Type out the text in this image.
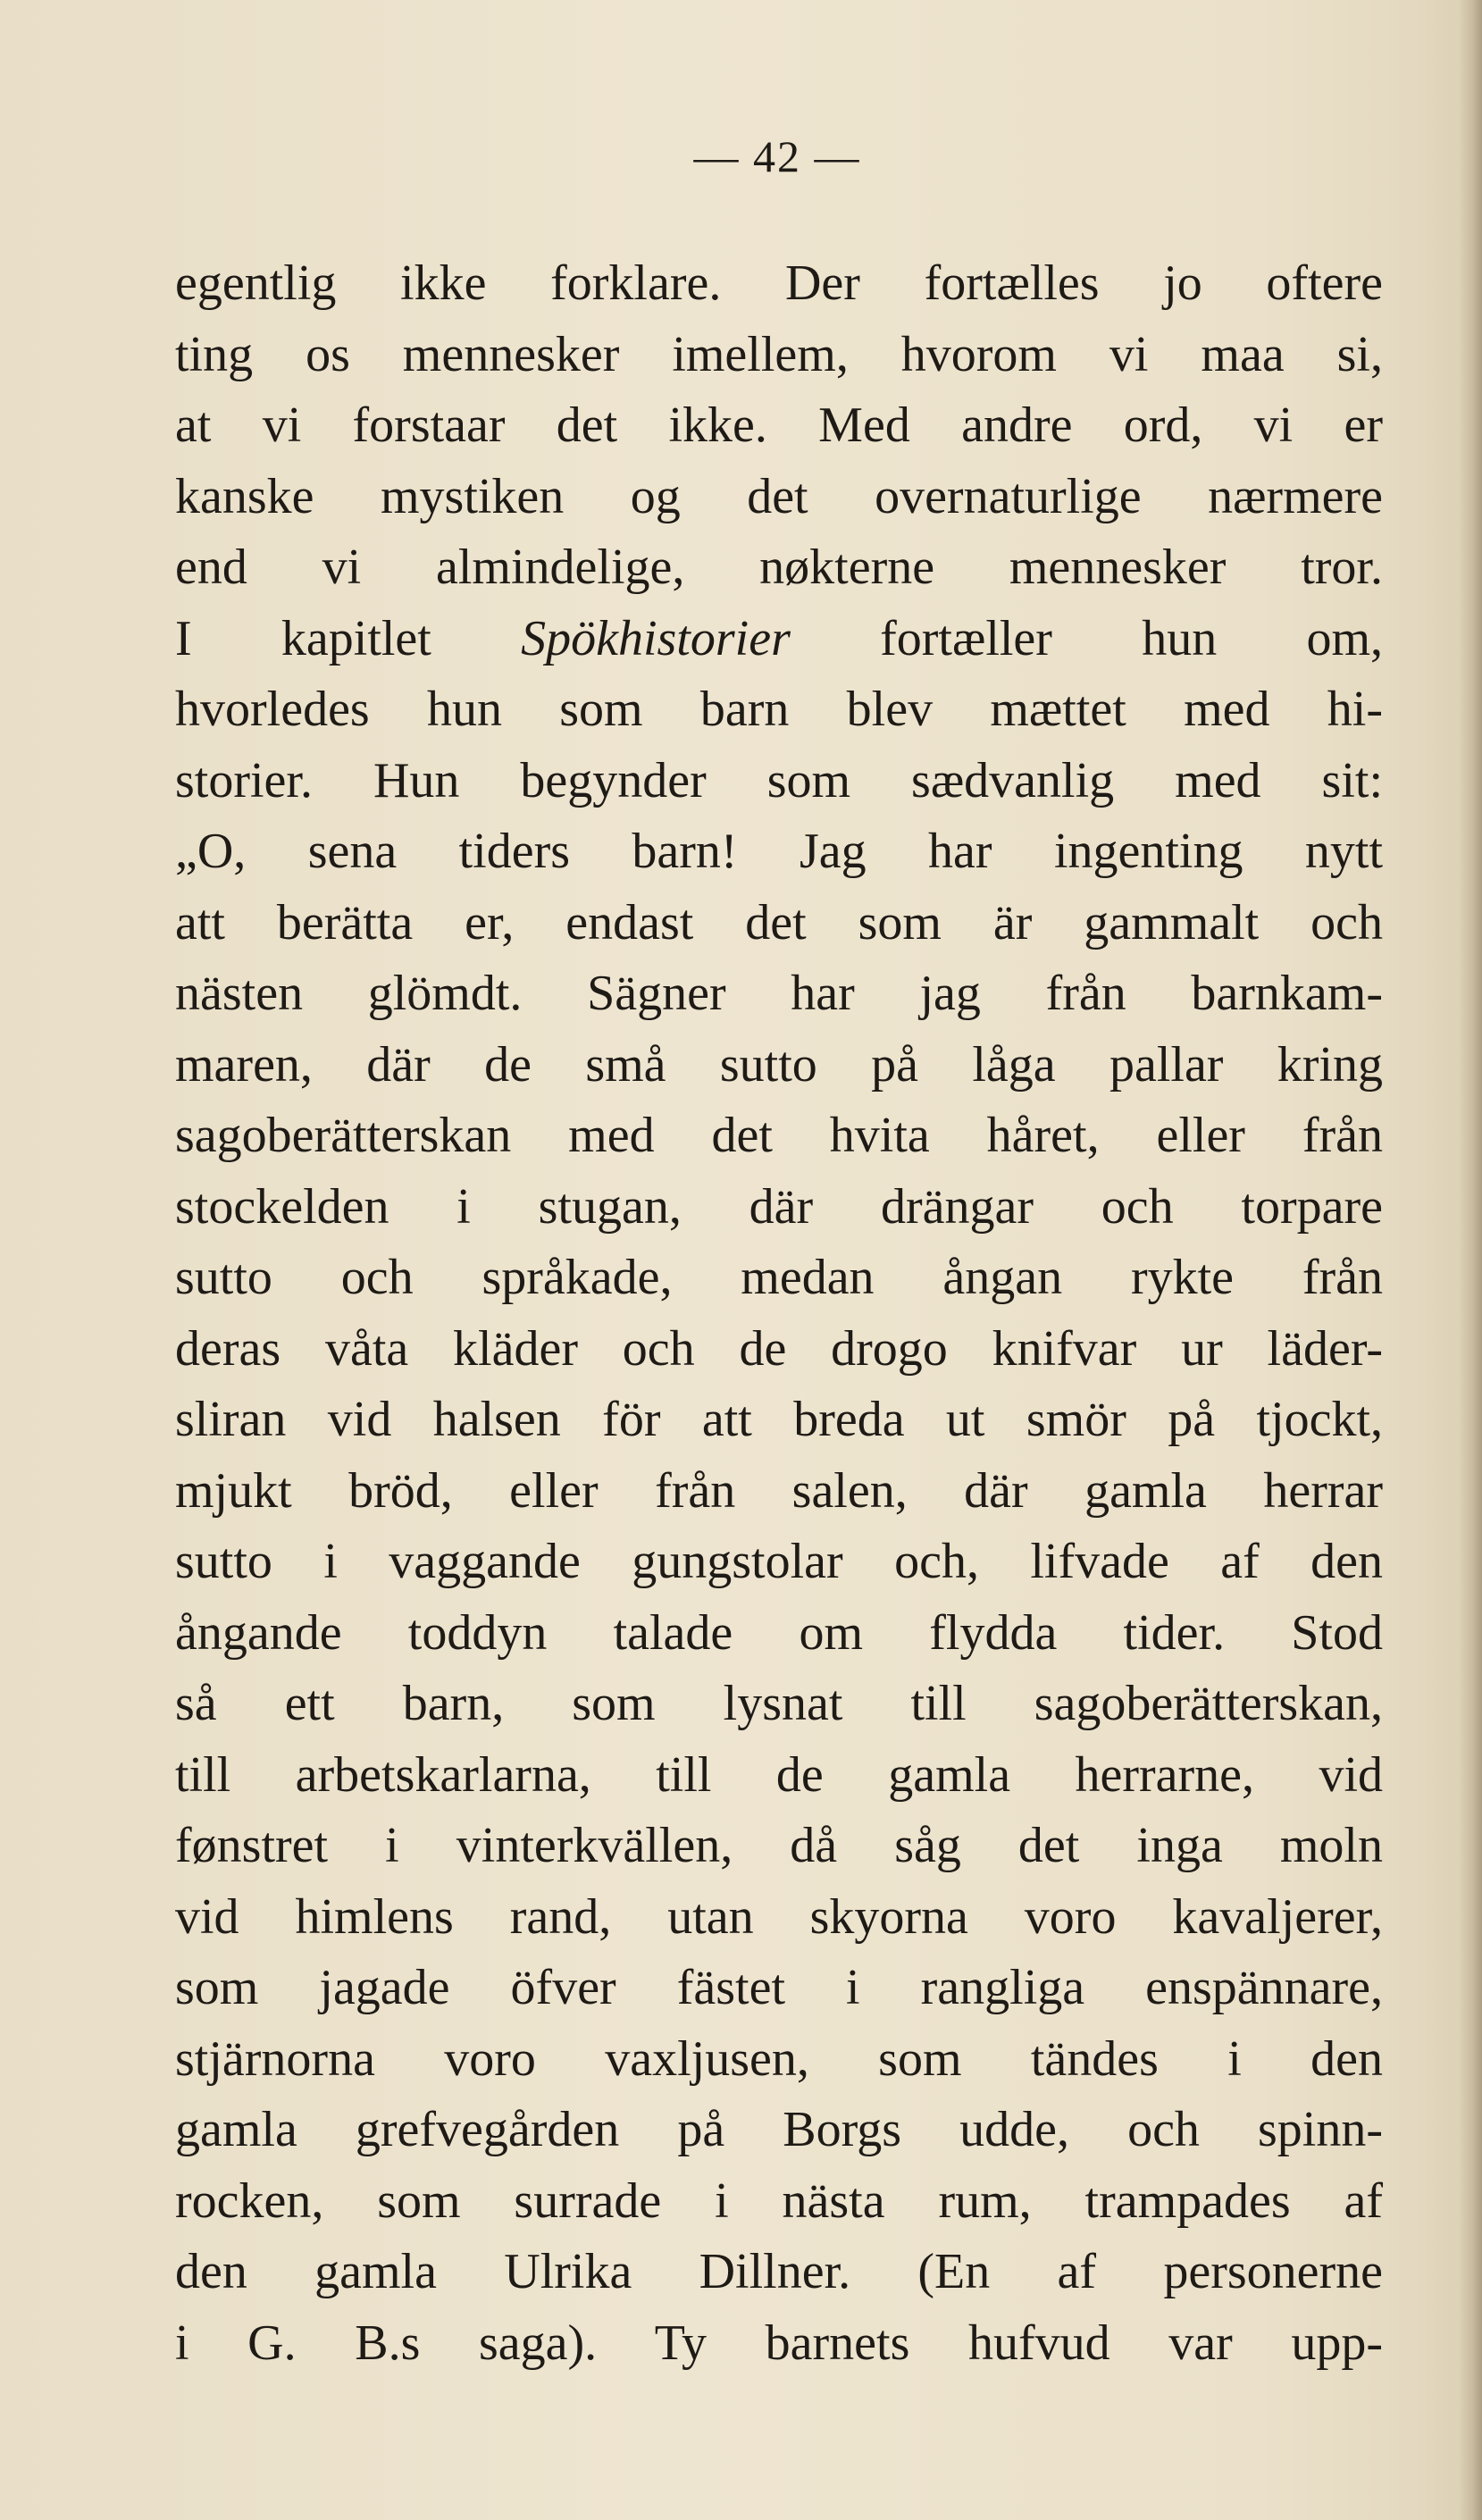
— 42 —
egentlig ikke forklare. Der fortælles jo oftere
ting os mennesker imellem, hvorom vi maa si,
at vi forstaar det ikke. Med andre ord, vi er
kanske mystiken og det overnaturlige nærmere
end vi almindelige, nøkterne mennesker tror.
I kapitlet Spökhistorier fortæller hun om,
hvorledes hun som barn blev mættet med hi-
storier. Hun begynder som sædvanlig med sit:
„O, sena tiders barn! Jag har ingenting nytt
att berätta er, endast det som är gammalt och
nästen glömdt. Sägner har jag från barnkam-
maren, där de små sutto på låga pallar kring
sagoberätterskan med det hvita håret, eller från
stockelden i stugan, där drängar och torpare
sutto och språkade, medan ångan rykte från
deras våta kläder och de drogo knifvar ur läder-
sliran vid halsen för att breda ut smör på tjockt,
mjukt bröd, eller från salen, där gamla herrar
sutto i vaggande gungstolar och, lifvade af den
ångande toddyn talade om flydda tider. Stod
så ett barn, som lysnat till sagoberätterskan,
till arbetskarlarna, till de gamla herrarne, vid
fønstret i vinterkvällen, då såg det inga moln
vid himlens rand, utan skyorna voro kavaljerer,
som jagade öfver fästet i rangliga enspännare,
stjärnorna voro vaxljusen, som tändes i den
gamla grefvegården på Borgs udde, och spinn-
rocken, som surrade i nästa rum, trampades af
den gamla Ulrika Dillner. (En af personerne
i G. B.s saga). Ty barnets hufvud var upp-
